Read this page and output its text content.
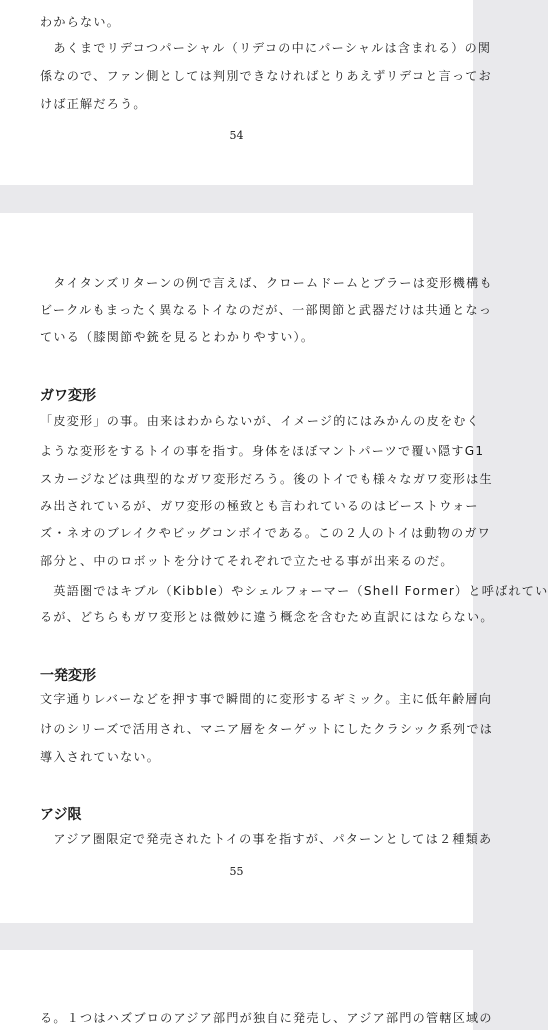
わからない。
　あくまでリデコつパーシャル（リデコの中にパーシャルは含まれる）の関
係なので、ファン側としては判別できなければとりあえずリデコと言ってお
けば正解だろう。
54
　タイタンズリターンの例で言えば、クロームドームとブラーは変形機構も
ビークルもまったく異なるトイなのだが、一部関節と武器だけは共通となっ
ている（膝関節や銃を見るとわかりやすい）。
ガワ変形
「皮変形」の事。由来はわからないが、イメージ的にはみかんの皮をむく
ような変形をするトイの事を指す。身体をほぼマントパーツで覆い隠すG1
スカージなどは典型的なガワ変形だろう。後のトイでも様々なガワ変形は生
み出されているが、ガワ変形の極致とも言われているのはビーストウォー
ズ・ネオのブレイクやビッグコンボイである。この２人のトイは動物のガワ
部分と、中のロボットを分けてそれぞれで立たせる事が出来るのだ。
　英語圏ではキブル（Kibble）やシェルフォーマー（Shell Former）と呼ばれてい
るが、どちらもガワ変形とは微妙に違う概念を含むため直訳にはならない。
一発変形
文字通りレバーなどを押す事で瞬間的に変形するギミック。主に低年齢層向
けのシリーズで活用され、マニア層をターゲットにしたクラシック系列では
導入されていない。
アジ限
　アジア圏限定で発売されたトイの事を指すが、パターンとしては２種類あ
55
る。１つはハズブロのアジア部門が独自に発売し、アジア部門の管轄区域の
